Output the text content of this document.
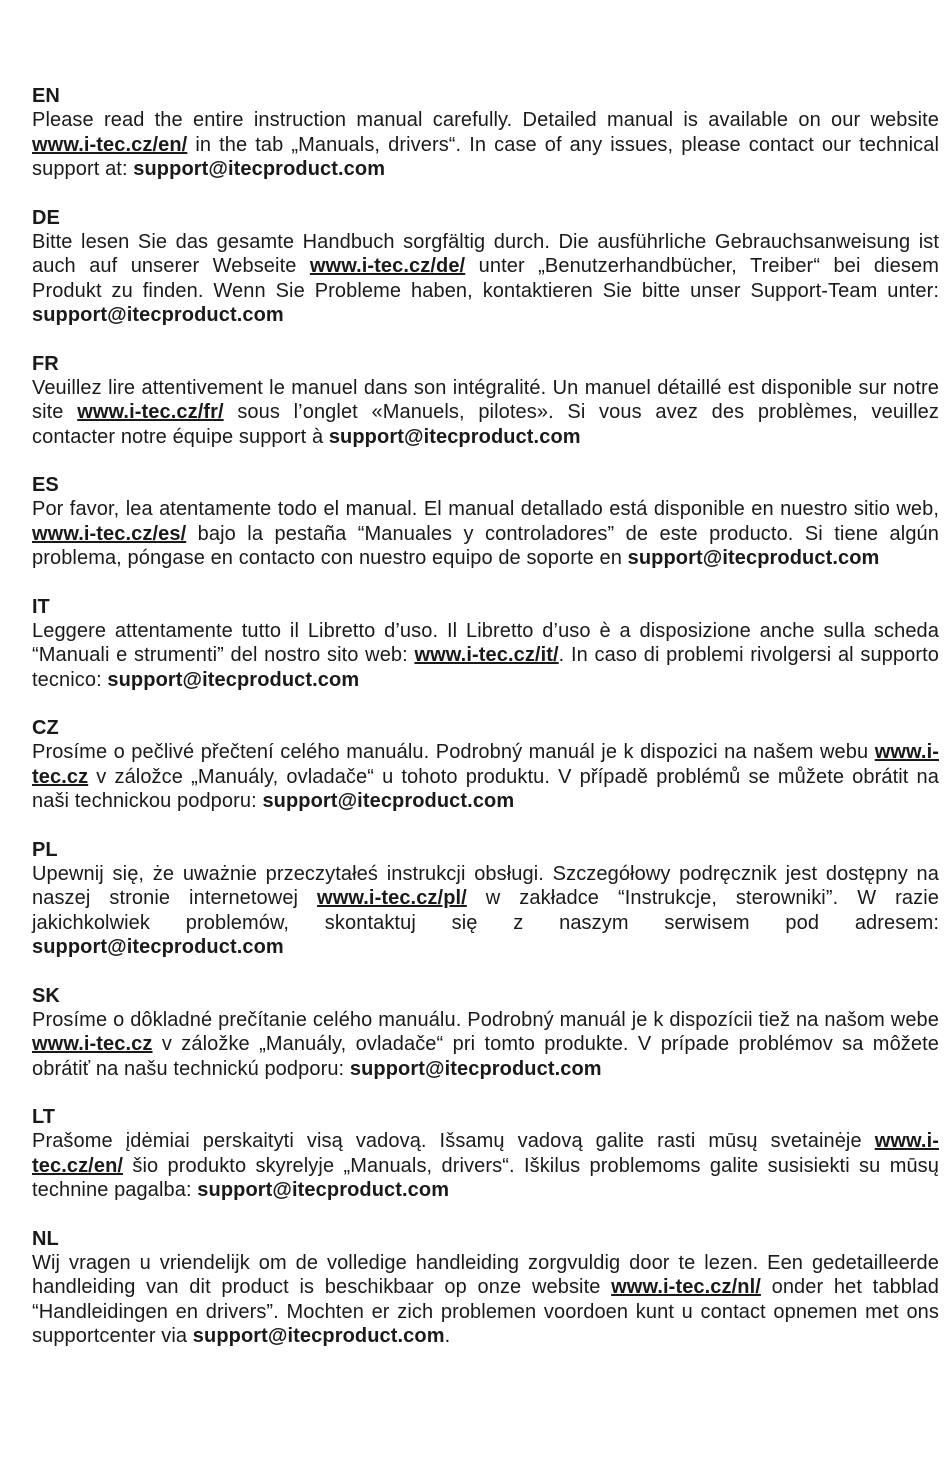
EN

Please read the entire instruction manual carefully. Detailed manual is available on our website www.i-tec.cz/en/ in the tab „Manuals, drivers“. In case of any issues, please contact our technical support at: support@itecproduct.com

DE

Bitte lesen Sie das gesamte Handbuch sorgfältig durch. Die ausführliche Gebrauchsanweisung ist auch auf unserer Webseite www.i-tec.cz/de/ unter „Benutzerhandbücher, Treiber“ bei diesem Produkt zu finden. Wenn Sie Probleme haben, kontaktieren Sie bitte unser Support-Team unter: support@itecproduct.com

FR

Veuillez lire attentivement le manuel dans son intégralité. Un manuel détaillé est disponible sur notre site www.i-tec.cz/fr/ sous l’onglet «Manuels, pilotes». Si vous avez des problèmes, veuillez contacter notre équipe support à support@itecproduct.com

ES

Por favor, lea atentamente todo el manual. El manual detallado está disponible en nuestro sitio web, www.i-tec.cz/es/ bajo la pestaña “Manuales y controladores” de este producto. Si tiene algún problema, póngase en contacto con nuestro equipo de soporte en support@itecproduct.com

IT

Leggere attentamente tutto il Libretto d’uso. Il Libretto d’uso è a disposizione anche sulla scheda “Manuali e strumenti” del nostro sito web: www.i-tec.cz/it/. In caso di problemi rivolgersi al supporto tecnico: support@itecproduct.com

CZ

Prosíme o pečlivé přečtení celého manuálu. Podrobný manuál je k dispozici na našem webu www.i-tec.cz v záložce „Manuály, ovladače“ u tohoto produktu. V případě problémů se můžete obrátit na naši technickou podporu: support@itecproduct.com

PL

Upewnij się, że uważnie przeczytałeś instrukcji obsługi. Szczegółowy podręcznik jest dostępny na naszej stronie internetowej www.i-tec.cz/pl/ w zakładce “Instrukcje, sterowniki”. W razie jakichkolwiek problemów, skontaktuj się z naszym serwisem pod adresem: support@itecproduct.com

SK

Prosíme o dôkladné prečítanie celého manuálu. Podrobný manuál je k dispozícii tiež na našom webe www.i-tec.cz v záložke „Manuály, ovladače“ pri tomto produkte. V prípade problémov sa môžete obrátiť na našu technickú podporu: support@itecproduct.com

LT

Prašome įdėmiai perskaityti visą vadovą. Išsamų vadovą galite rasti mūsų svetainėje www.i-tec.cz/en/ šio produkto skyrelyje „Manuals, drivers“. Iškilus problemoms galite susisiekti su mūsų technine pagalba: support@itecproduct.com

NL

Wij vragen u vriendelijk om de volledige handleiding zorgvuldig door te lezen. Een gedetailleerde handleiding van dit product is beschikbaar op onze website www.i-tec.cz/nl/ onder het tabblad “Handleidingen en drivers”. Mochten er zich problemen voordoen kunt u contact opnemen met ons supportcenter via support@itecproduct.com.
